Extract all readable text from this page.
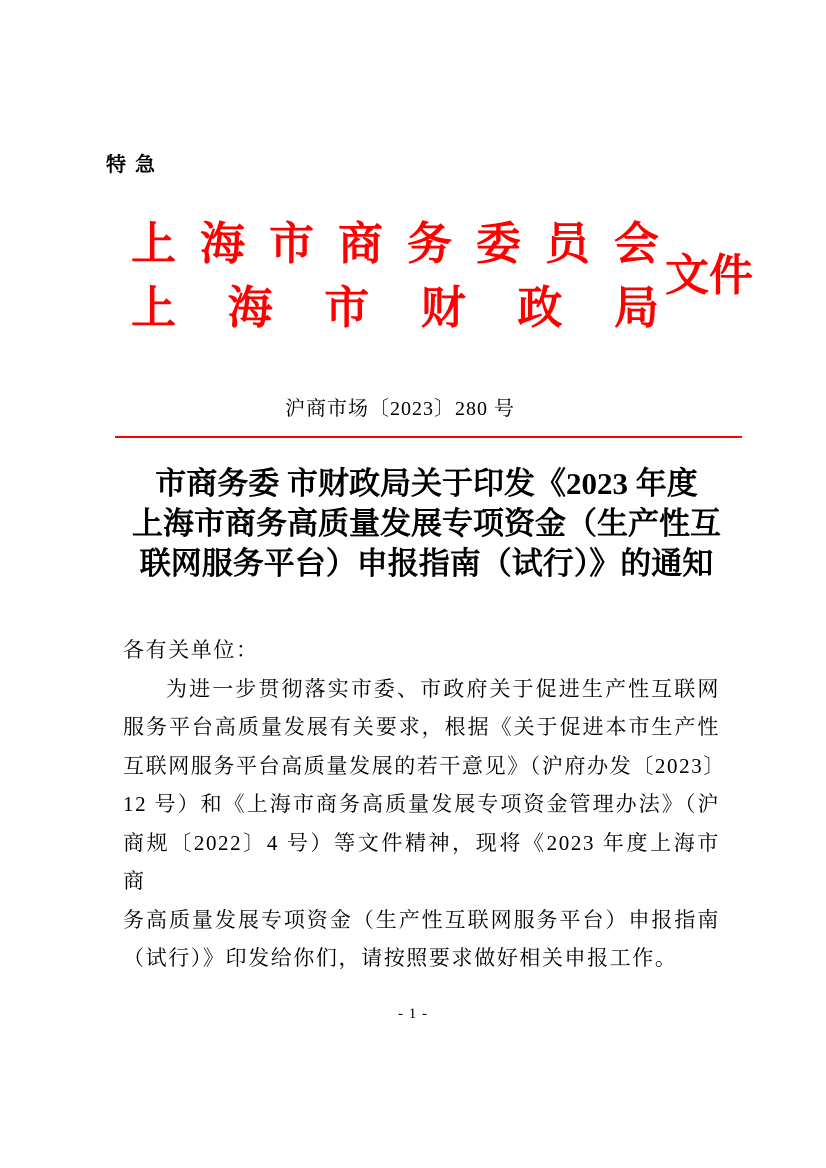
特 急
上 海 市 商 务 委 员 会
上 海 市 财 政 局
文件
沪商市场〔2023〕280 号
市商务委 市财政局关于印发《2023 年度
上海市商务高质量发展专项资金（生产性互
联网服务平台）申报指南（试行）》的通知
各有关单位：
为进一步贯彻落实市委、市政府关于促进生产性互联网
服务平台高质量发展有关要求，根据《关于促进本市生产性
互联网服务平台高质量发展的若干意见》（沪府办发〔2023〕
12 号）和《上海市商务高质量发展专项资金管理办法》（沪
商规〔2022〕4 号）等文件精神，现将《2023 年度上海市商
务高质量发展专项资金（生产性互联网服务平台）申报指南
（试行）》印发给你们，请按照要求做好相关申报工作。
- 1 -
